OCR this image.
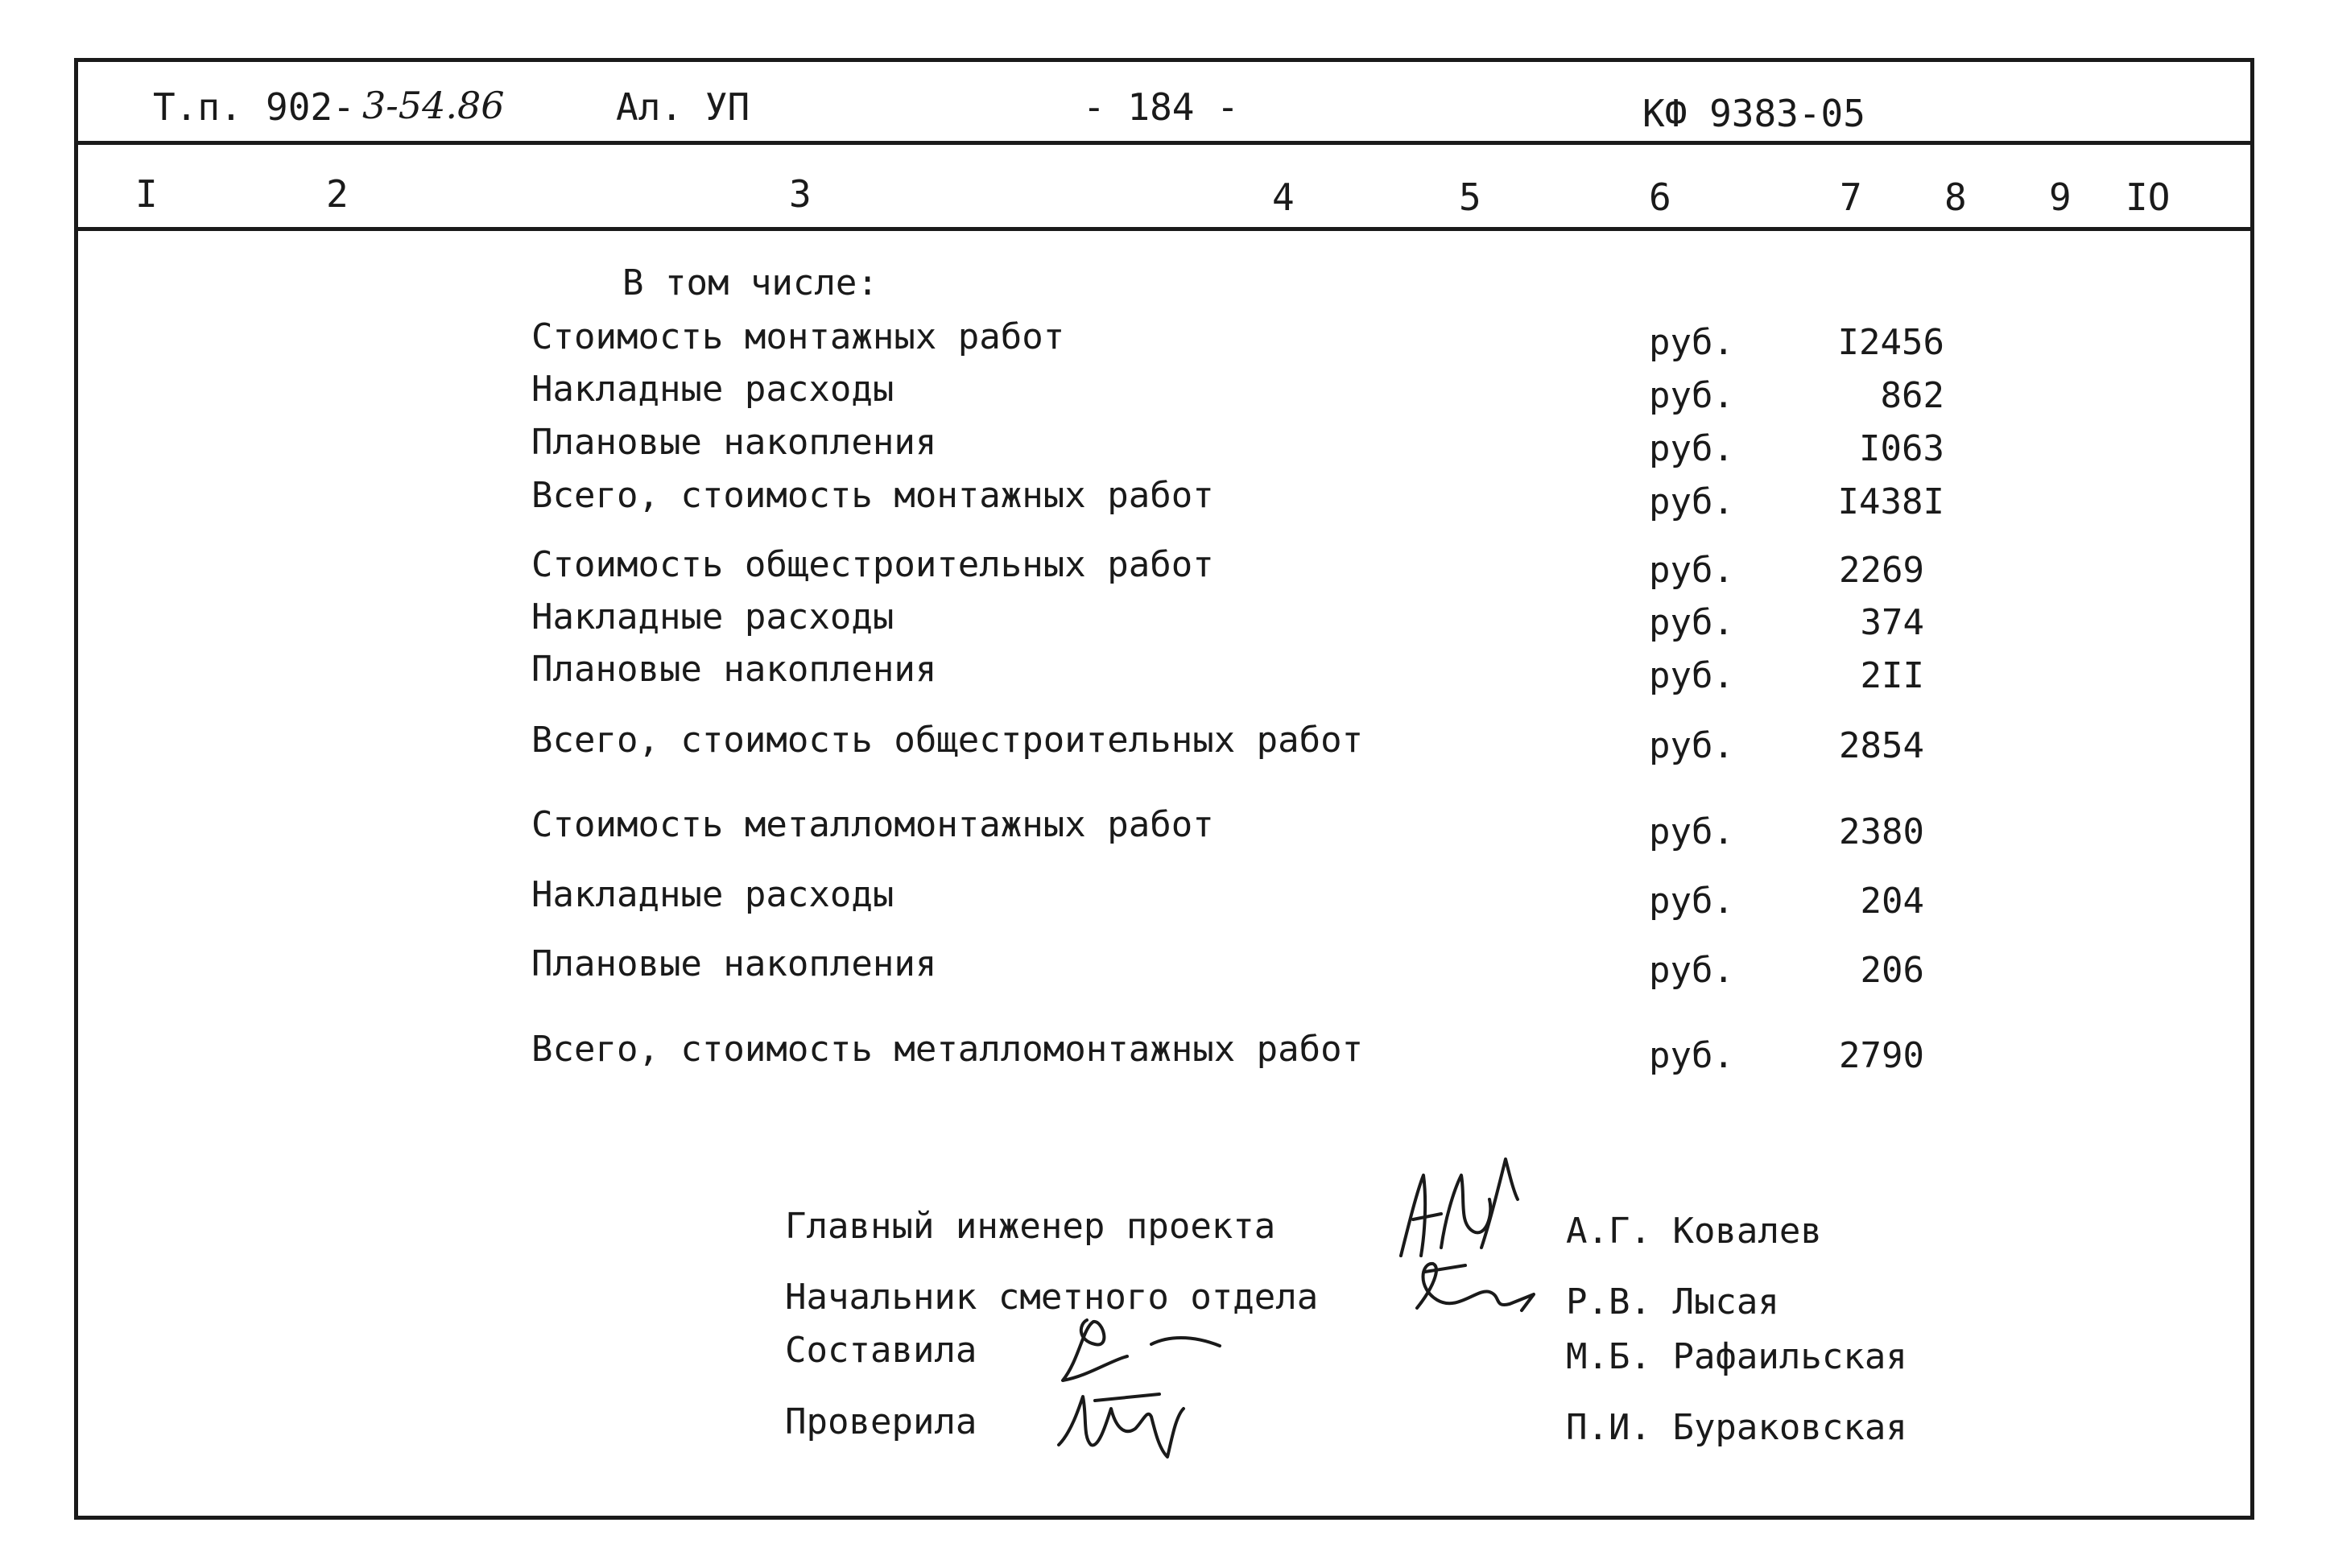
Т.п. 902- 3-54.86	Ал. УП	- 184 -	КФ 9383-05
I	2	3	4	5	6	7 8 9 IO
В том числе:
Стоимость монтажных работ	руб.	I2456
Накладные расходы	руб.	862
Плановые накопления	руб.	I063
Всего, стоимость монтажных работ	руб.	I438I
Стоимость общестроительных работ	руб.	2269
Накладные расходы	руб.	374
Плановые накопления	руб.	2II
Всего, стоимость общестроительных работ	руб.	2854
Стоимость металломонтажных работ	руб.	2380
Накладные расходы	руб.	204
Плановые накопления	руб.	206
Всего, стоимость металломонтажных работ	руб.	2790
Главный инженер проекта	А.Г. Ковалев
Начальник сметного отдела	Р.В. Лысая
Составила	М.Б. Рафаильская
Проверила	П.И. Бураковская
